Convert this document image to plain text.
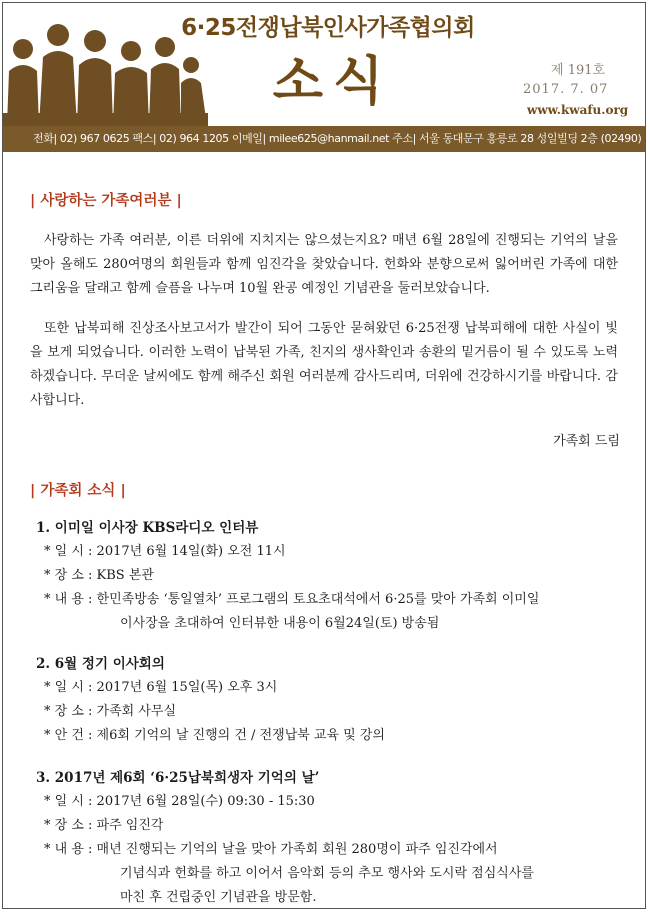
6·25전쟁납북인사가족협의회
소식	제 191호
2017. 7. 07
www.kwafu.org
전화| 02) 967 0625 팩스| 02) 964 1205 이메일| milee625@hanmail.net 주소| 서울 동대문구 홍릉로 28 성일빌딩 2층 (02490)
| 사랑하는 가족여러분 |
사랑하는 가족 여러분, 이른 더위에 지치지는 않으셨는지요? 매년 6월 28일에 진행되는 기억의 날을 맞아 올해도 280여명의 회원들과 함께 임진각을 찾았습니다. 헌화와 분향으로써 잃어버린 가족에 대한 그리움을 달래고 함께 슬픔을 나누며 10월 완공 예정인 기념관을 둘러보았습니다.
또한 납북피해 진상조사보고서가 발간이 되어 그동안 묻혀왔던 6·25전쟁 납북피해에 대한 사실이 빛을 보게 되었습니다. 이러한 노력이 납북된 가족, 친지의 생사확인과 송환의 밑거름이 될 수 있도록 노력하겠습니다. 무더운 날씨에도 함께 해주신 회원 여러분께 감사드리며, 더위에 건강하시기를 바랍니다. 감사합니다.
가족회 드림
| 가족회 소식 |
1. 이미일 이사장 KBS라디오 인터뷰
* 일 시 : 2017년 6월 14일(화) 오전 11시
* 장 소 : KBS 본관
* 내 용 : 한민족방송 ‘통일열차’ 프로그램의 토요초대석에서 6·25를 맞아 가족회 이미일
이사장을 초대하여 인터뷰한 내용이 6월24일(토) 방송됨
2. 6월 정기 이사회의
* 일 시 : 2017년 6월 15일(목) 오후 3시
* 장 소 : 가족회 사무실
* 안 건 : 제6회 기억의 날 진행의 건 / 전쟁납북 교육 및 강의
3. 2017년 제6회 ‘6·25납북희생자 기억의 날’
* 일 시 : 2017년 6월 28일(수) 09:30 - 15:30
* 장 소 : 파주 임진각
* 내 용 : 매년 진행되는 기억의 날을 맞아 가족회 회원 280명이 파주 임진각에서
기념식과 헌화를 하고 이어서 음악회 등의 추모 행사와 도시락 점심식사를
마친 후 건립중인 기념관을 방문함.
